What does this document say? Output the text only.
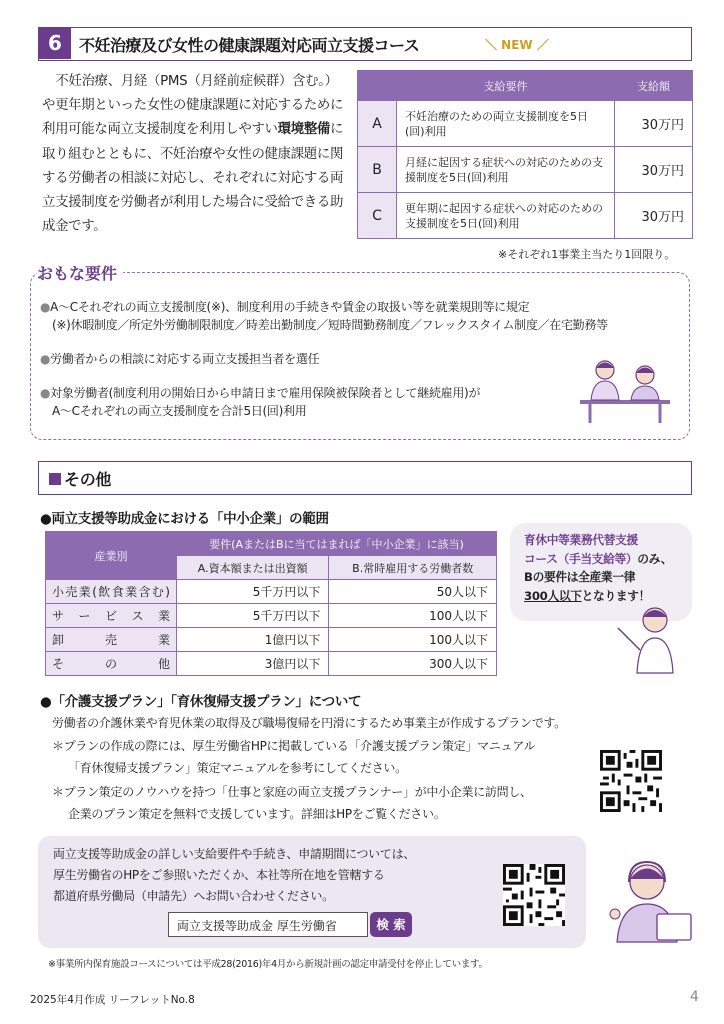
6	不妊治療及び女性の健康課題対応両立支援コース	＼ NEW ／
不妊治療、月経（PMS（月経前症候群）含む。）や更年期といった女性の健康課題に対応するために利用可能な両立支援制度を利用しやすい環境整備に取り組むとともに、不妊治療や女性の健康課題に関する労働者の相談に対応し、それぞれに対応する両立支援制度を労働者が利用した場合に受給できる助成金です。
	支給要件	支給額
A	不妊治療のための両立支援制度を5日(回)利用	30万円
B	月経に起因する症状への対応のための支援制度を5日(回)利用	30万円
C	更年期に起因する症状への対応のための支援制度を5日(回)利用	30万円
※それぞれ1事業主当たり1回限り。
おもな要件
●A～Cそれぞれの両立支援制度(※)、制度利用の手続きや賃金の取扱い等を就業規則等に規定
(※)休暇制度／所定外労働制限制度／時差出勤制度／短時間勤務制度／フレックスタイム制度／在宅勤務等
●労働者からの相談に対応する両立支援担当者を選任
●対象労働者(制度利用の開始日から申請日まで雇用保険被保険者として継続雇用)が
A～Cそれぞれの両立支援制度を合計5日(回)利用
その他
●両立支援等助成金における「中小企業」の範囲
産業別	要件(AまたはBに当てはまれば「中小企業」に該当)	
	A.資本額または出資額	B.常時雇用する労働者数
小売業(飲食業含む)	5千万円以下	50人以下
サービス業	5千万円以下	100人以下
卸売業	1億円以下	100人以下
その他	3億円以下	300人以下
育休中等業務代替支援
コース（手当支給等）のみ、
Bの要件は全産業一律
300人以下となります！
●「介護支援プラン」「育休復帰支援プラン」について
労働者の介護休業や育児休業の取得及び職場復帰を円滑にするため事業主が作成するプランです。
＊プランの作成の際には、厚生労働省HPに掲載している「介護支援プラン策定」マニュアル
「育休復帰支援プラン」策定マニュアルを参考にしてください。
＊プラン策定のノウハウを持つ「仕事と家庭の両立支援プランナー」が中小企業に訪問し、
企業のプラン策定を無料で支援しています。詳細はHPをご覧ください。
両立支援等助成金の詳しい支給要件や手続き、申請期間については、
厚生労働省のHPをご参照いただくか、本社等所在地を管轄する
都道府県労働局（申請先）へお問い合わせください。
両立支援等助成金 厚生労働省	検 索
※事業所内保育施設コースについては平成28(2016)年4月から新規計画の認定申請受付を停止しています。
2025年4月作成 リーフレットNo.8	4
